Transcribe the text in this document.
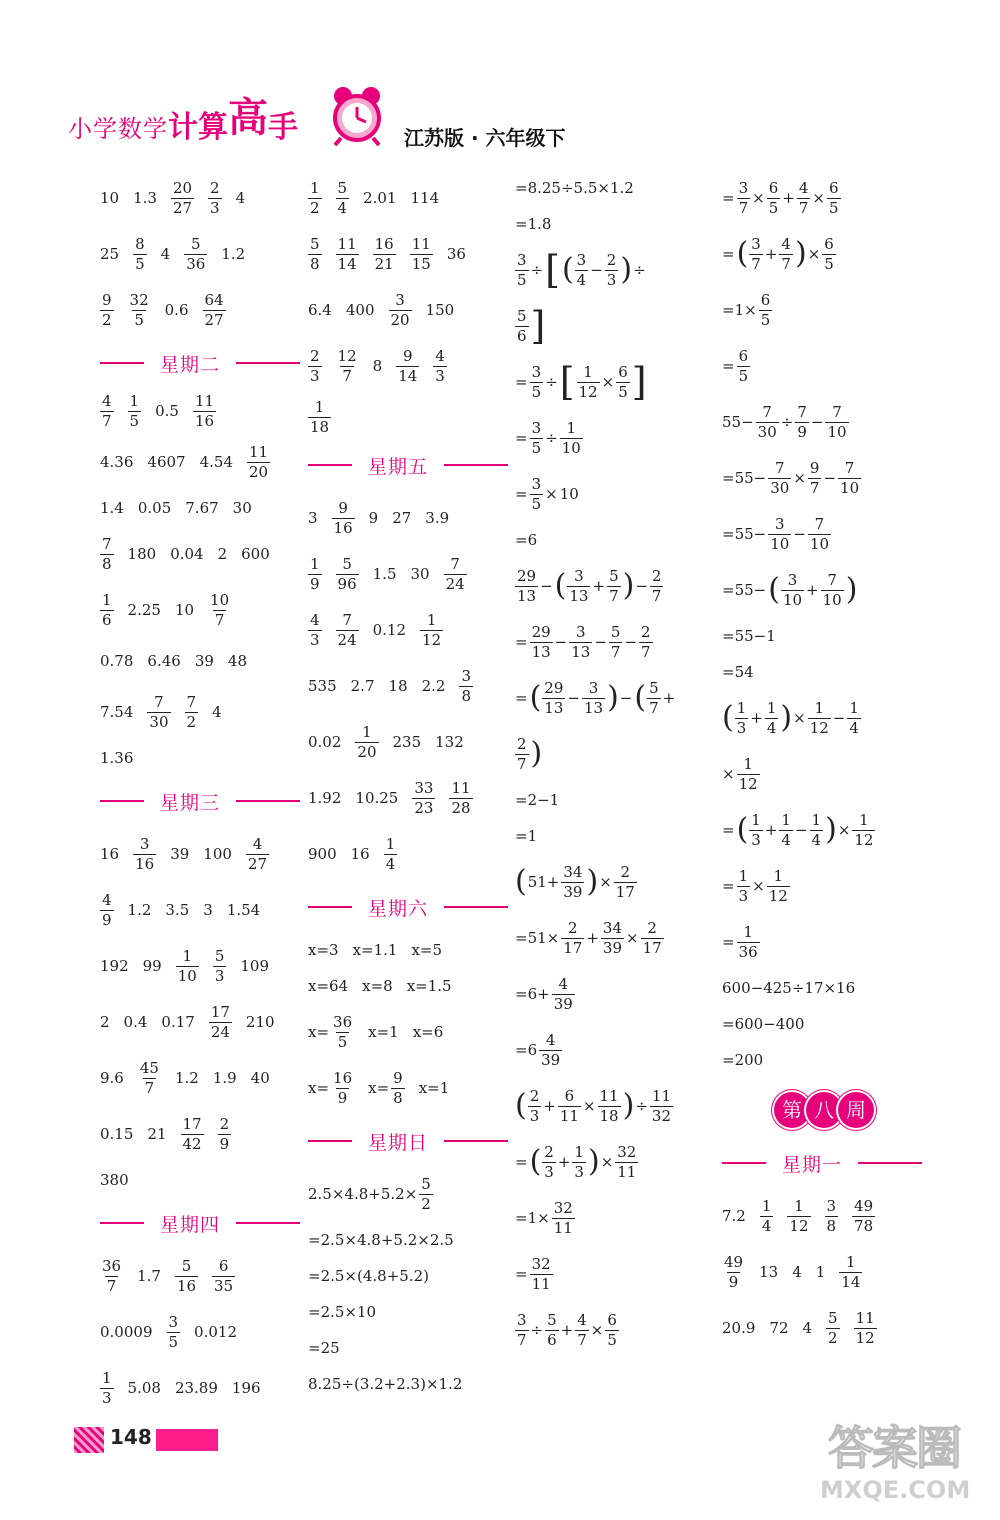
小学数学计算高手	江苏版 · 六年级下
10 $1.3 \frac{20}{27} \frac{2}{3} 4$
$25 \frac{8}{5} 4 \frac{5}{36} 1.2$
$\frac{9}{2} \frac{32}{5} 0.6 \frac{64}{27}$
星期二
$\frac{4}{7} \frac{1}{5} 0.5 \frac{11}{16}$
4.36 4607 $4.54 \frac{11}{20}$
1.4 0.05 7.67 30
$\frac{7}{8} 180$ 0.04 2 600
$\frac{1}{6} 2.25$ $10 \frac{10}{7}$
0.78 6.46 39 48
$7.54 \frac{7}{30} \frac{7}{2} 4$
1.36
星期三
$16 \frac{3}{16} 39$ $100 \frac{4}{27}$
$\frac{4}{9} 1.2$ 3.5 3 1.54
192 $99 \frac{1}{10} \frac{5}{3} 109$
2 0.4 $0.17 \frac{17}{24} 210$
$9.6 \frac{45}{7} 1.2$ 1.9 40
0.15 $21 \frac{17}{42} \frac{2}{9}$
380
星期四
$\frac{36}{7} 1.7 \frac{5}{16} \frac{6}{35}$
$0.0009 \frac{3}{5} 0.012$
$\frac{1}{3} 5.08$ 23.89 196
$\frac{1}{2} \frac{5}{4} 2.01$ 114
$\frac{5}{8} \frac{11}{14} \frac{16}{21} \frac{11}{15} 36$
6.4 $400 \frac{3}{20} 150$
$\frac{2}{3} \frac{12}{7} 8 \frac{9}{14} \frac{4}{3}$
$\frac{1}{18}$
星期五
$3 \frac{9}{16} 9$ 27 3.9
$\frac{1}{9} \frac{5}{96} 1.5$ $30 \frac{7}{24}$
$\frac{4}{3} \frac{7}{24} 0.12 \frac{1}{12}$
535 2.7 18 $2.2 \frac{3}{8}$
$0.02 \frac{1}{20} 235$ 132
1.92 $10.25 \frac{33}{23} \frac{11}{28}$
900 $16 \frac{1}{4}$
星期六
x=3 x=1.1 x=5
x=64 x=8 x=1.5
$x= \frac{36}{5} x=1$ x=6
$x= \frac{16}{9} x= \frac{9}{8} x=1$
星期日
$2.5\times 4.8+5.2\times \frac{5}{2}$
=2.5×4.8+5.2×2.5
=2.5×(4.8+5.2)
=2.5×10
=25
8.25÷(3.2+2.3)×1.2
=8.25÷5.5×1.2
=1.8
$\frac{3}{5}$ ÷ [ ( $\frac{3}{4} - \frac{2}{3}$ ) ÷
$\frac{5}{6}$ ]
= $\frac{3}{5}$ ÷ [ $\frac{1}{12} \times \frac{6}{5}$ ]
= $\frac{3}{5} \div \frac{1}{10}$
= $\frac{3}{5} \times 10$
=6
$\frac{29}{13}$ − ( $\frac{3}{13} + \frac{5}{7}$ ) − $\frac{2}{7}$
= $\frac{29}{13} - \frac{3}{13} - \frac{5}{7} - \frac{2}{7}$
= ( $\frac{29}{13} - \frac{3}{13}$ ) − ( $\frac{5}{7}$ +
$\frac{2}{7}$ )
=2−1
=1
( $51+ \frac{34}{39}$ ) × $\frac{2}{17}$
$=51\times \frac{2}{17} + \frac{34}{39} \times \frac{2}{17}$
$=6+ \frac{4}{39}$
$=6 \frac{4}{39}$
( $\frac{2}{3} + \frac{6}{11} \times \frac{11}{18}$ ) ÷ $\frac{11}{32}$
= ( $\frac{2}{3} + \frac{1}{3}$ ) × $\frac{32}{11}$
$=1\times \frac{32}{11}$
= $\frac{32}{11}$
$\frac{3}{7} \div \frac{5}{6} + \frac{4}{7} \times \frac{6}{5}$
= $\frac{3}{7} \times \frac{6}{5} + \frac{4}{7} \times \frac{6}{5}$
= ( $\frac{3}{7} + \frac{4}{7}$ ) × $\frac{6}{5}$
$=1\times \frac{6}{5}$
= $\frac{6}{5}$
$55- \frac{7}{30} \div \frac{7}{9} - \frac{7}{10}$
$=55- \frac{7}{30} \times \frac{9}{7} - \frac{7}{10}$
$=55- \frac{3}{10} - \frac{7}{10}$
=55− ( $\frac{3}{10} + \frac{7}{10}$ )
=55−1
=54
( $\frac{1}{3} + \frac{1}{4}$ ) × $\frac{1}{12} - \frac{1}{4}$
× $\frac{1}{12}$
= ( $\frac{1}{3} + \frac{1}{4} - \frac{1}{4}$ ) × $\frac{1}{12}$
= $\frac{1}{3} \times \frac{1}{12}$
= $\frac{1}{36}$
600−425÷17×16
=600−400
=200
第 八 周
星期一
$7.2 \frac{1}{4} \frac{1}{12} \frac{3}{8} \frac{49}{78}$
$\frac{49}{9} 13$ 4 $1 \frac{1}{14}$
20.9 72 $4 \frac{5}{2} \frac{11}{12}$
148	答案圈
MXQE.COM
